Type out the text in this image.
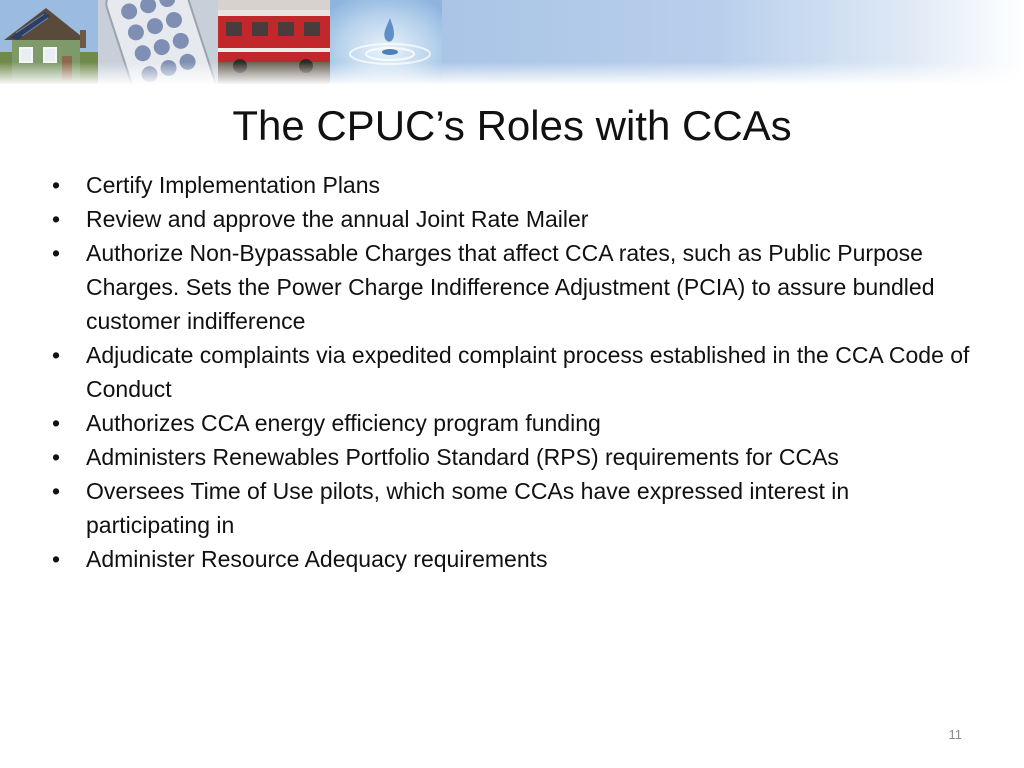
The CPUC’s Roles with CCAs
•	Certify Implementation Plans
•	Review and approve the annual Joint Rate Mailer
•	Authorize Non-Bypassable Charges that affect CCA rates, such as Public Purpose Charges. Sets the Power Charge Indifference Adjustment (PCIA) to assure bundled customer indifference
•	Adjudicate complaints via expedited complaint process established in the CCA Code of Conduct
•	Authorizes CCA energy efficiency program funding
•	Administers Renewables Portfolio Standard (RPS) requirements for CCAs
•	Oversees Time of Use pilots, which some CCAs have expressed interest in participating in
•	Administer Resource Adequacy requirements
11
